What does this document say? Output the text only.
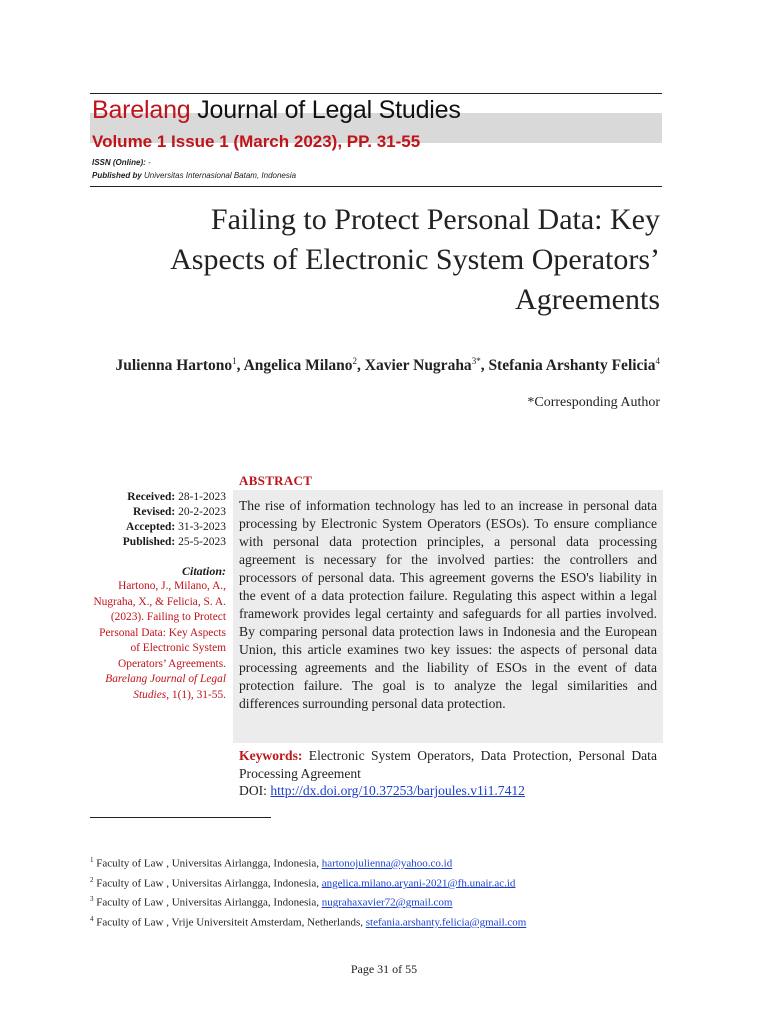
Barelang Journal of Legal Studies
Volume 1 Issue 1 (March 2023), PP. 31-55
ISSN (Online): -
Published by Universitas Internasional Batam, Indonesia
Failing to Protect Personal Data: Key
Aspects of Electronic System Operators’
Agreements
Julienna Hartono$^1$, Angelica Milano$^2$, Xavier Nugraha$^{3*}$, Stefania Arshanty Felicia$^4$
*Corresponding Author
Received: 28-1-2023
Revised: 20-2-2023
Accepted: 31-3-2023
Published: 25-5-2023
Citation:
Hartono, J., Milano, A., Nugraha, X., & Felicia, S. A. (2023). Failing to Protect Personal Data: Key Aspects of Electronic System Operators’ Agreements. Barelang Journal of Legal Studies, 1(1), 31-55.
ABSTRACT
The rise of information technology has led to an increase in personal data processing by Electronic System Operators (ESOs). To ensure compliance with personal data protection principles, a personal data processing agreement is necessary for the involved parties: the controllers and processors of personal data. This agreement governs the ESO's liability in the event of a data protection failure. Regulating this aspect within a legal framework provides legal certainty and safeguards for all parties involved. By comparing personal data protection laws in Indonesia and the European Union, this article examines two key issues: the aspects of personal data processing agreements and the liability of ESOs in the event of data protection failure. The goal is to analyze the legal similarities and differences surrounding personal data protection.
Keywords: Electronic System Operators, Data Protection, Personal Data Processing Agreement
DOI: http://dx.doi.org/10.37253/barjoules.v1i1.7412
$^1$ Faculty of Law , Universitas Airlangga, Indonesia, hartonojulienna@yahoo.co.id
$^2$ Faculty of Law , Universitas Airlangga, Indonesia, angelica.milano.aryani-2021@fh.unair.ac.id
$^3$ Faculty of Law , Universitas Airlangga, Indonesia, nugrahaxavier72@gmail.com
$^4$ Faculty of Law , Vrije Universiteit Amsterdam, Netherlands, stefania.arshanty.felicia@gmail.com
Page 31 of 55
